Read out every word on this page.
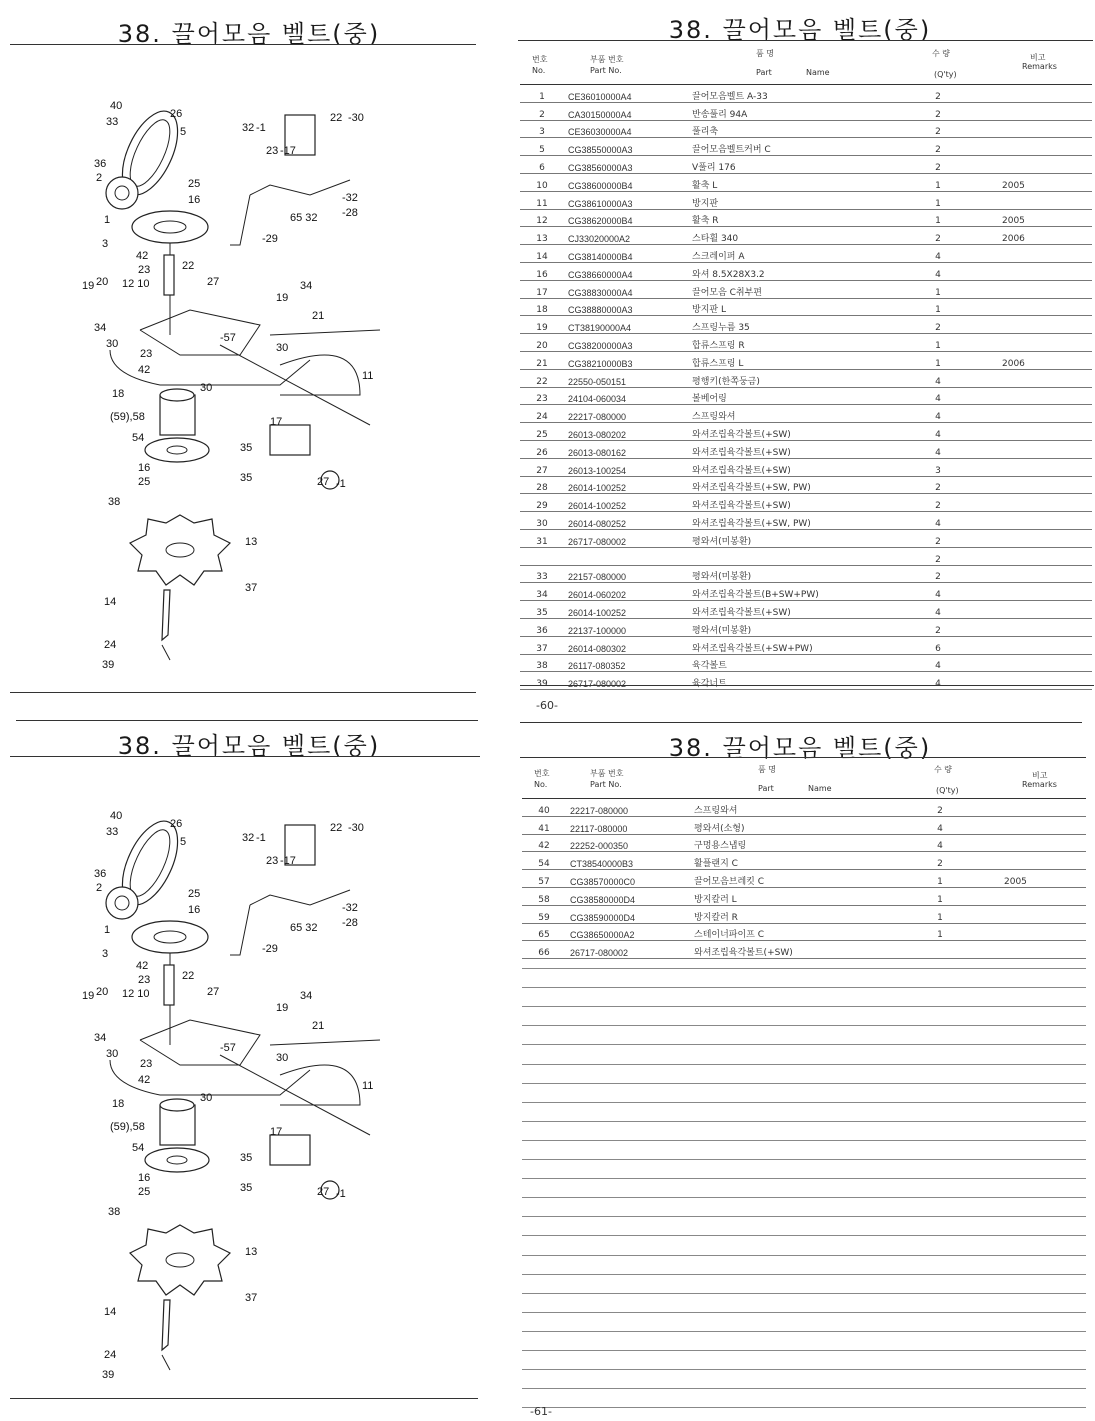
38. 끌어모음 벨트(중)	38. 끌어모음 벨트(중)
38. 끌어모음 벨트(중)	38. 끌어모음 벨트(중)
40
33
26
5
36
2	25
16
1
3
42
23	22
12 10	27
19 20
34
30
23
42
30
18
(59),58
54
16
25
38
13
37
14
24
39
32 -1
22 -30
23 -17
65 32
-32
-28
-29
19
34
21
11
-57
30
17
35
35	27 -1
40
33
26
5
36
2	25
16
1
3
42
23	22
12 10	27
19 20
34
30
23
42
30
18
(59),58
54
16
25
38
13
37
14
24
39
32 -1
22 -30
23 -17
65 32
-32
-28
-29
19
34
21
11
-57
30
17
35
35	27 -1
번호
No.
부품 번호
Part No.
품 명
Part	Name
수 량
(Q'ty)
비고
Remarks
1	CE36010000A4	끌어모음벨트 A-33	2	
2	CA30150000A4	반송풀리 94A	2	
3	CE36030000A4	풀리축	2	
5	CG38550000A3	끌어모음벨트커버 C	2	
6	CG38560000A3	V풀리 176	2	
10	CG38600000B4	활축 L	1	2005
11	CG38610000A3	방지판	1	
12	CG38620000B4	활축 R	1	2005
13	CJ33020000A2	스타휠 340	2	2006
14	CG38140000B4	스크레이퍼 A	4	
16	CG38660000A4	와셔 8.5X28X3.2	4	
17	CG38830000A4	끌어모음 C취부편	1	
18	CG38880000A3	방지판 L	1	
19	CT38190000A4	스프링누름 35	2	
20	CG38200000A3	합류스프링 R	1	
21	CG38210000B3	합류스프링 L	1	2006
22	22550-050151	평행키(한쪽둥금)	4	
23	24104-060034	볼베어링	4	
24	22217-080000	스프링와셔	4	
25	26013-080202	와셔조립육각볼트(+SW)	4	
26	26013-080162	와셔조립육각볼트(+SW)	4	
27	26013-100254	와셔조립육각볼트(+SW)	3	
28	26014-100252	와셔조립육각볼트(+SW, PW)	2	
29	26014-100252	와셔조립육각볼트(+SW)	2	
30	26014-080252	와셔조립육각볼트(+SW, PW)	4	
31	26717-080002	평와셔(미봉환)	2	
			2	
33	22157-080000	평와셔(미봉환)	2	
34	26014-060202	와셔조립육각볼트(B+SW+PW)	4	
35	26014-100252	와셔조립육각볼트(+SW)	4	
36	22137-100000	평와셔(미봉환)	2	
37	26014-080302	와셔조립육각볼트(+SW+PW)	6	
38	26117-080352	육각볼트	4	
39	26717-080002	육각너트	4	
-60-
번호
No.
부품 번호
Part No.
품 명
Part	Name
수 량
(Q'ty)
비고
Remarks
40	22217-080000	스프링와셔	2	
41	22117-080000	평와셔(소형)	4	
42	22252-000350	구멍용스냅링	4	
54	CT38540000B3	활플랜지 C	2	
57	CG38570000C0	끌어모음브레킷 C	1	2005
58	CG38580000D4	방지칼러 L	1	
59	CG38590000D4	방지칼러 R	1	
65	CG38650000A2	스테이너파이프 C	1	
66	26717-080002	와셔조립육각볼트(+SW)		
-61-
